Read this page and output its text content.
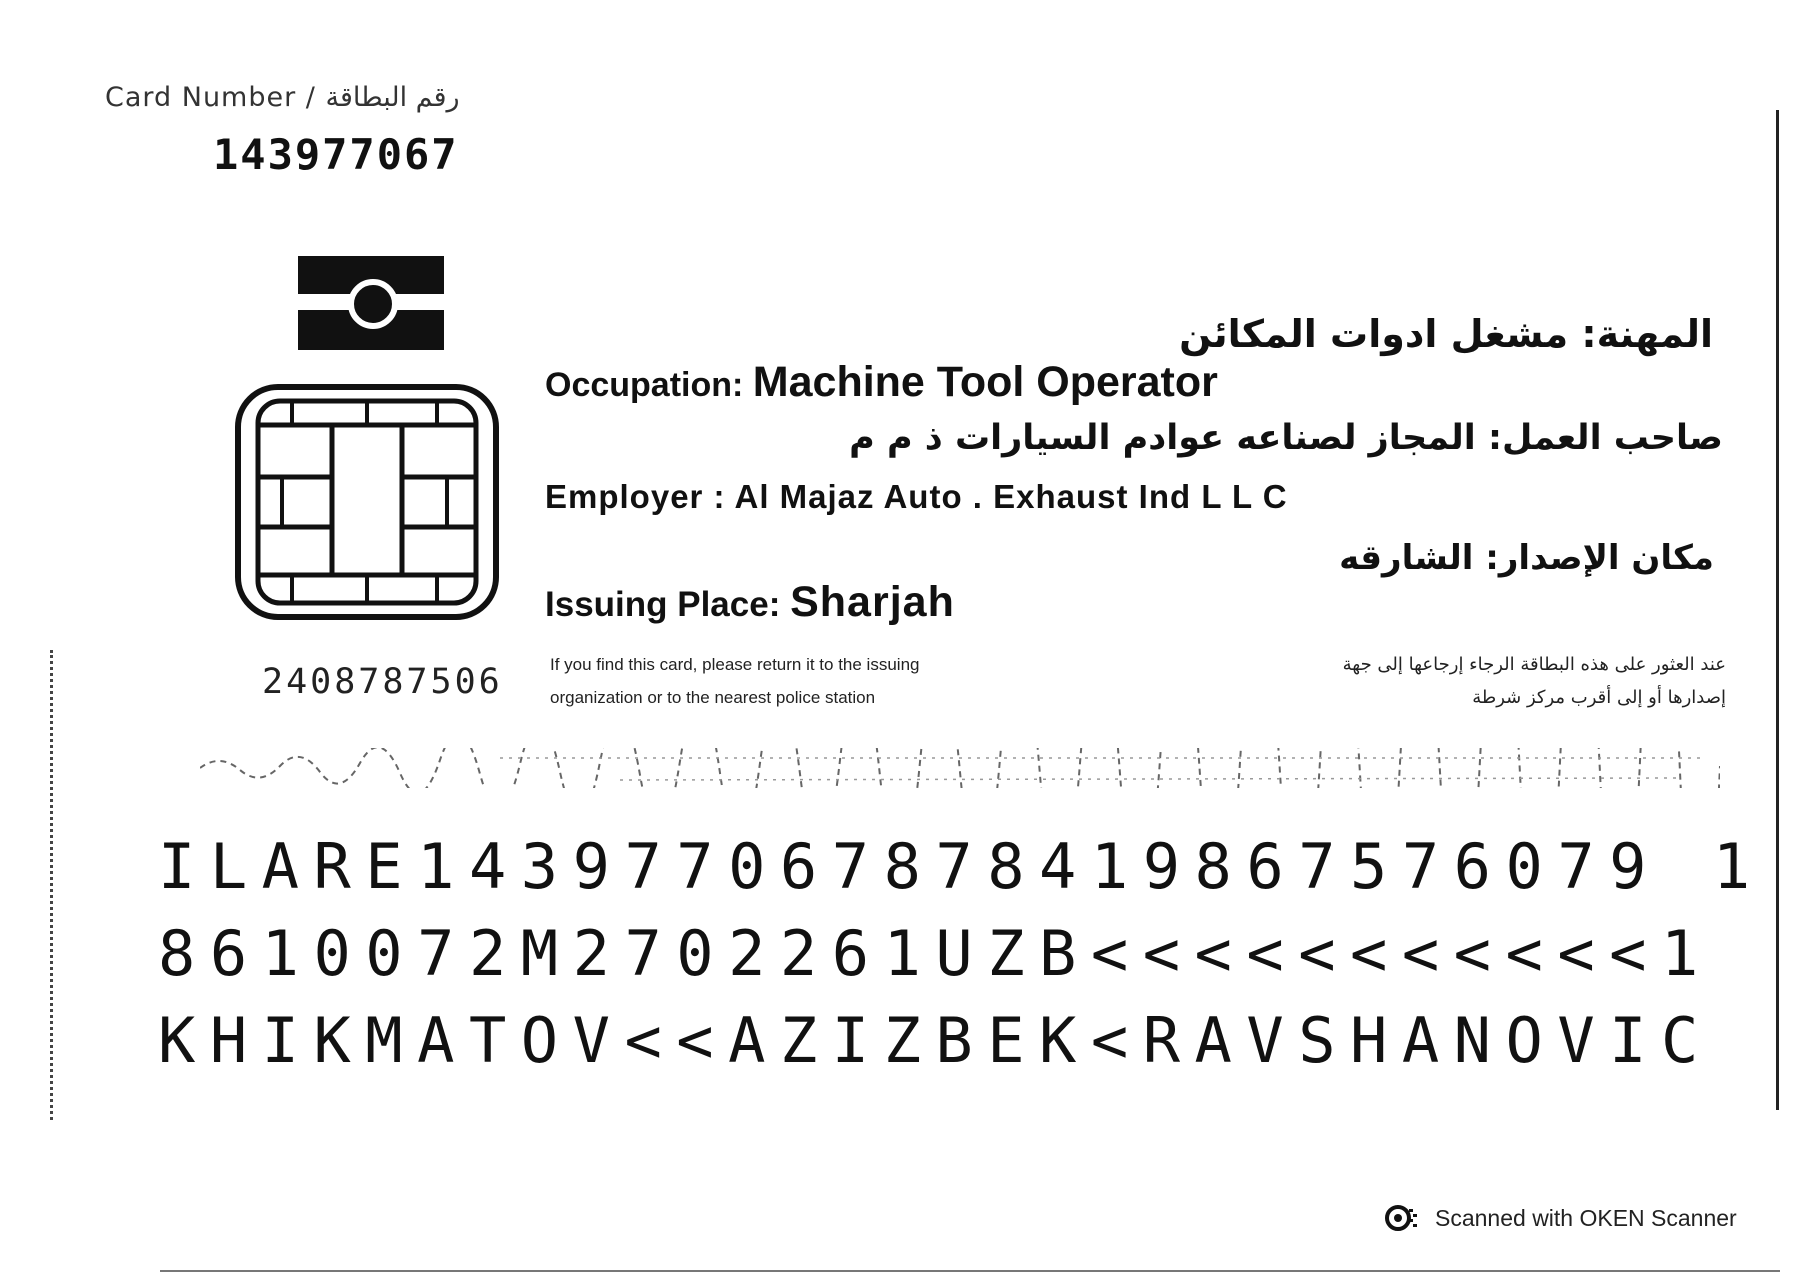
Card Number / رقم البطاقة
143977067
2408787506
المهنة: مشغل ادوات المكائن
Occupation: Machine Tool Operator
صاحب العمل: المجاز لصناعه عوادم السيارات ذ م م
Employer : Al Majaz Auto . Exhaust Ind L L C
مكان الإصدار: الشارقه
Issuing Place: Sharjah
If you find this card, please return it to the issuing
organization or to the nearest police station
عند العثور على هذه البطاقة الرجاء إرجاعها إلى جهة
إصدارها أو إلى أقرب مركز شرطة
ILARE143977067878419867576079 1
8610072M2702261UZB<<<<<<<<<<<1
KHIKMATOV<<AZIZBEK<RAVSHANOVIC
Scanned with OKEN Scanner
